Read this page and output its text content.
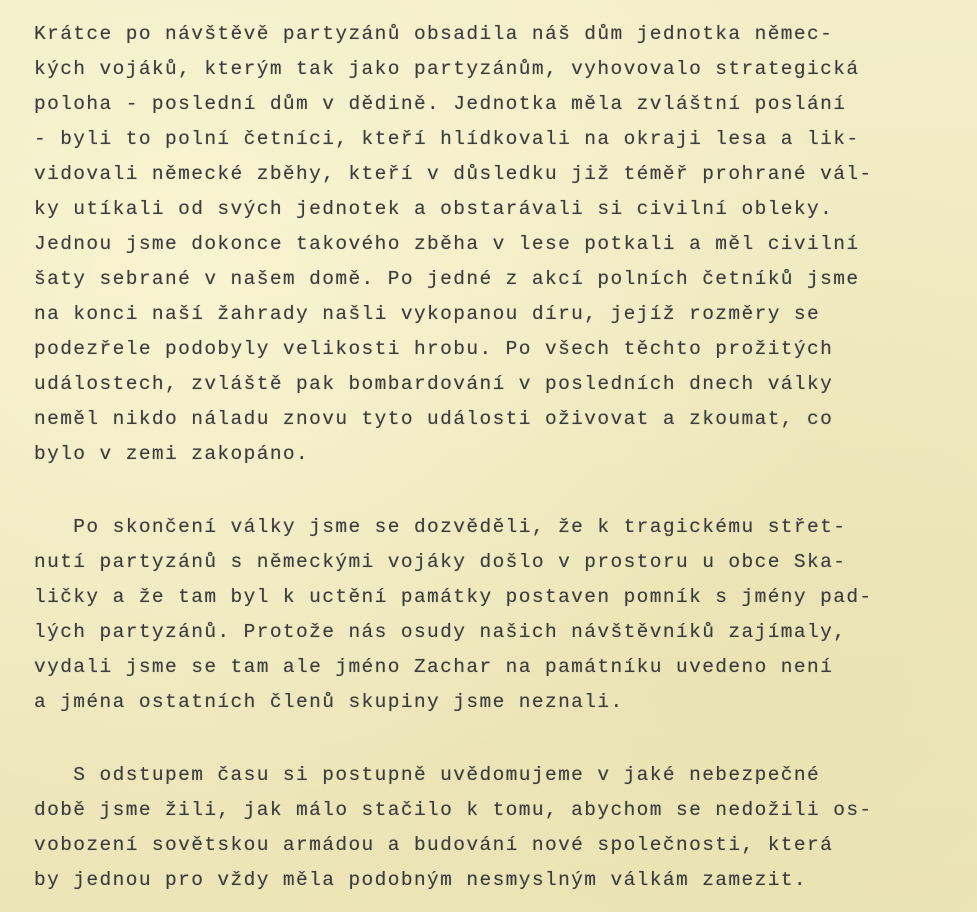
Krátce po návštěvě partyzánů obsadila náš dům jednotka němec-
kých vojáků, kterým tak jako partyzánům, vyhovovalo strategická
poloha - poslední dům v dědině. Jednotka měla zvláštní poslání
- byli to polní četníci, kteří hlídkovali na okraji lesa a lik-
vidovali německé zběhy, kteří v důsledku již téměř prohrané vál-
ky utíkali od svých jednotek a obstarávali si civilní obleky.
Jednou jsme dokonce takového zběha v lese potkali a měl civilní
šaty sebrané v našem domě. Po jedné z akcí polních četníků jsme
na konci naší žahrady našli vykopanou díru, jejíž rozměry se
podezřele podobyly velikosti hrobu. Po všech těchto prožitých
událostech, zvláště pak bombardování v posledních dnech války
neměl nikdo náladu znovu tyto události oživovat a zkoumat, co
bylo v zemi zakopáno.
Po skončení války jsme se dozvěděli, že k tragickému střet-
nutí partyzánů s německými vojáky došlo v prostoru u obce Ska-
ličky a že tam byl k uctění památky postaven pomník s jmény pad-
lých partyzánů. Protože nás osudy našich návštěvníků zajímaly,
vydali jsme se tam ale jméno Zachar na památníku uvedeno není
a jména ostatních členů skupiny jsme neznali.
S odstupem času si postupně uvědomujeme v jaké nebezpečné
době jsme žili, jak málo stačilo k tomu, abychom se nedožili os-
vobození sovětskou armádou a budování nové společnosti, která
by jednou pro vždy měla podobným nesmyslným válkám zamezit.
